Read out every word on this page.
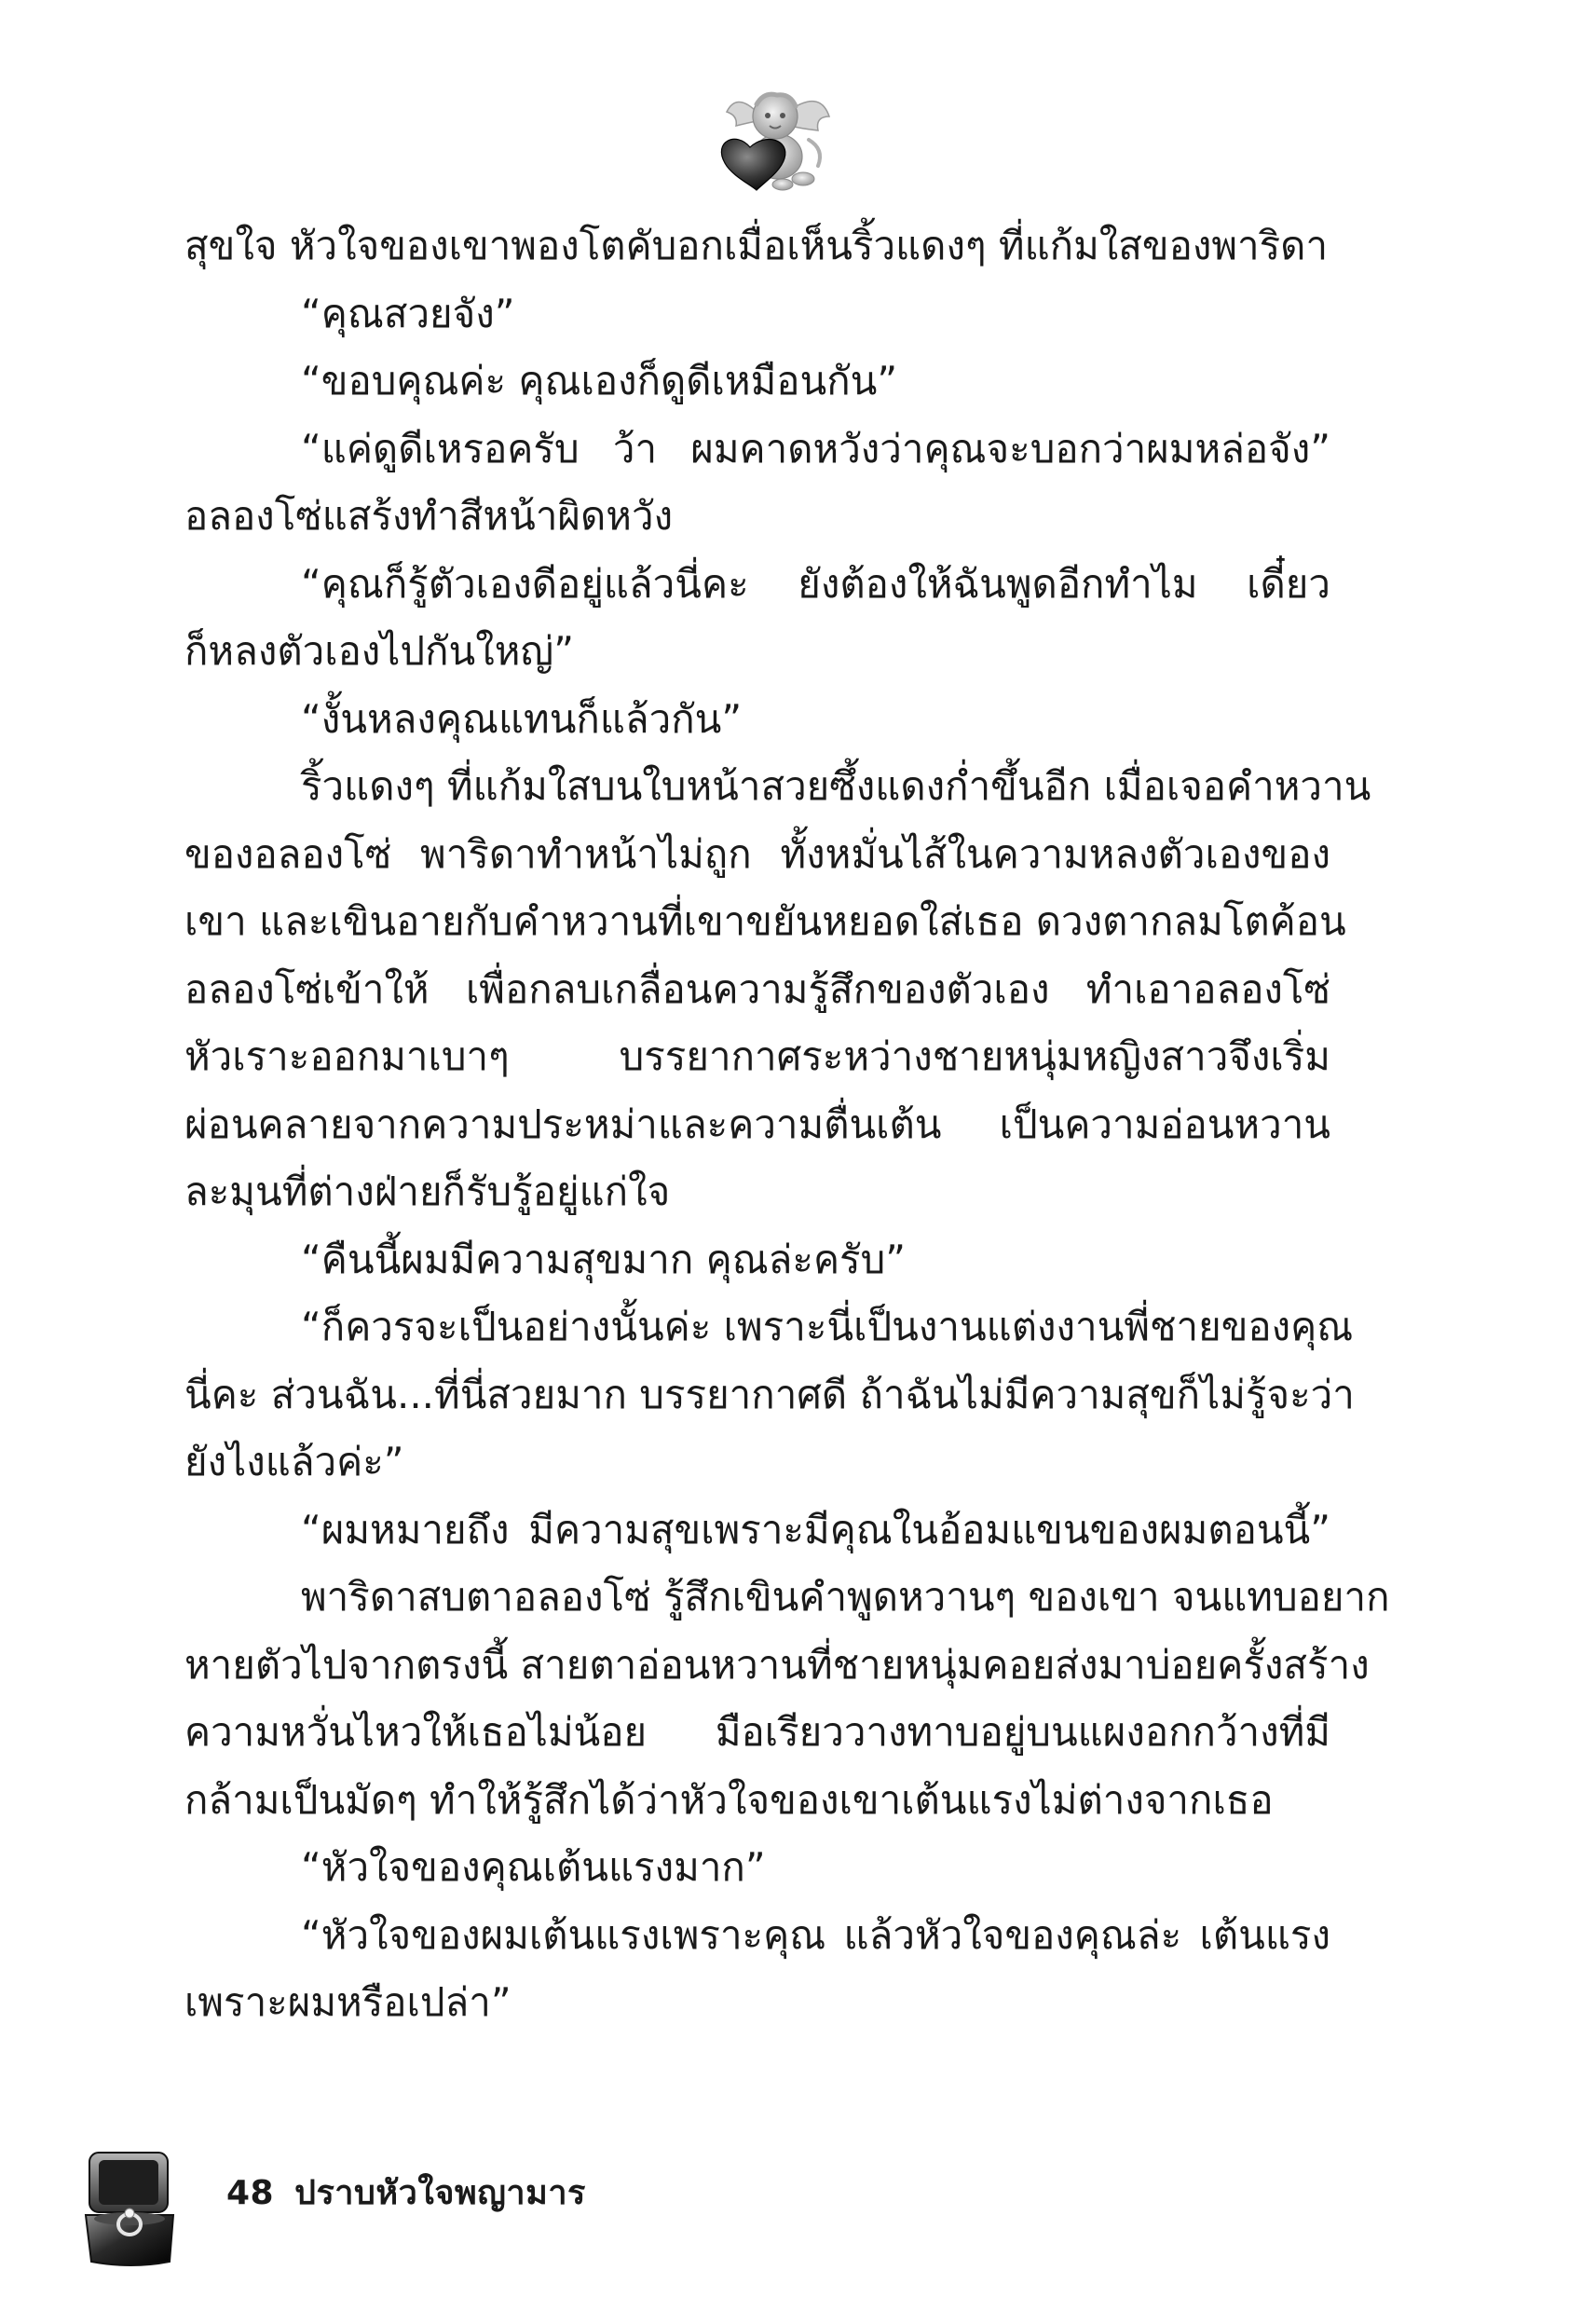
สุขใจ หัวใจของเขาพองโตคับอกเมื่อเห็นริ้วแดงๆ ที่แก้มใสของพาริดา
“คุณสวยจัง”
“ขอบคุณค่ะ คุณเองก็ดูดีเหมือนกัน”
“แค่ดูดีเหรอครับ ว้า ผมคาดหวังว่าคุณจะบอกว่าผมหล่อจัง”
อลองโซ่แสร้งทำสีหน้าผิดหวัง
“คุณก็รู้ตัวเองดีอยู่แล้วนี่คะ ยังต้องให้ฉันพูดอีกทำไม เดี๋ยว
ก็หลงตัวเองไปกันใหญ่”
“งั้นหลงคุณแทนก็แล้วกัน”
ริ้วแดงๆ ที่แก้มใสบนใบหน้าสวยซึ้งแดงก่ำขึ้นอีก เมื่อเจอคำหวาน
ของอลองโซ่ พาริดาทำหน้าไม่ถูก ทั้งหมั่นไส้ในความหลงตัวเองของ
เขา และเขินอายกับคำหวานที่เขาขยันหยอดใส่เธอ ดวงตากลมโตค้อน
อลองโซ่เข้าให้ เพื่อกลบเกลื่อนความรู้สึกของตัวเอง ทำเอาอลองโซ่
หัวเราะออกมาเบาๆ บรรยากาศระหว่างชายหนุ่มหญิงสาวจึงเริ่ม
ผ่อนคลายจากความประหม่าและความตื่นเต้น เป็นความอ่อนหวาน
ละมุนที่ต่างฝ่ายก็รับรู้อยู่แก่ใจ
“คืนนี้ผมมีความสุขมาก คุณล่ะครับ”
“ก็ควรจะเป็นอย่างนั้นค่ะ เพราะนี่เป็นงานแต่งงานพี่ชายของคุณ
นี่คะ ส่วนฉัน...ที่นี่สวยมาก บรรยากาศดี ถ้าฉันไม่มีความสุขก็ไม่รู้จะว่า
ยังไงแล้วค่ะ”
“ผมหมายถึง มีความสุขเพราะมีคุณในอ้อมแขนของผมตอนนี้”
พาริดาสบตาอลองโซ่ รู้สึกเขินคำพูดหวานๆ ของเขา จนแทบอยาก
หายตัวไปจากตรงนี้ สายตาอ่อนหวานที่ชายหนุ่มคอยส่งมาบ่อยครั้งสร้าง
ความหวั่นไหวให้เธอไม่น้อย มือเรียววางทาบอยู่บนแผงอกกว้างที่มี
กล้ามเป็นมัดๆ ทำให้รู้สึกได้ว่าหัวใจของเขาเต้นแรงไม่ต่างจากเธอ
“หัวใจของคุณเต้นแรงมาก”
“หัวใจของผมเต้นแรงเพราะคุณ แล้วหัวใจของคุณล่ะ เต้นแรง
เพราะผมหรือเปล่า”
48 ปราบหัวใจพญามาร
